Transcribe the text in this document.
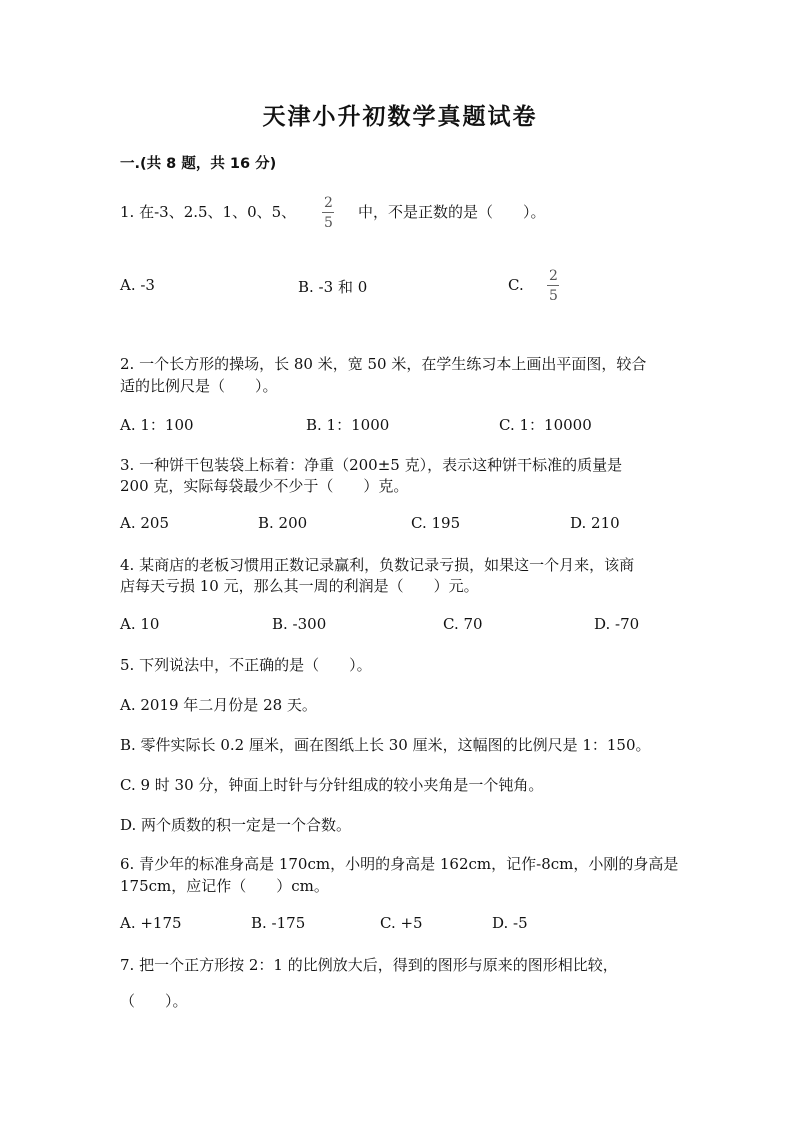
天津小升初数学真题试卷
一.(共 8 题，共 16 分)
1. 在-3、2.5、1、0、5、 2
5
中，不是正数的是（　　）。
A. -3	B. -3 和 0	C. 2
5
2. 一个长方形的操场，长 80 米，宽 50 米，在学生练习本上画出平面图，较合
适的比例尺是（　　）。
A. 1：100	B. 1：1000	C. 1：10000
3. 一种饼干包装袋上标着：净重（200±5 克），表示这种饼干标准的质量是
200 克，实际每袋最少不少于（　　）克。
A. 205	B. 200	C. 195	D. 210
4. 某商店的老板习惯用正数记录赢利，负数记录亏损，如果这一个月来，该商
店每天亏损 10 元，那么其一周的利润是（　　）元。
A. 10	B. -300	C. 70	D. -70
5. 下列说法中，不正确的是（　　）。
A. 2019 年二月份是 28 天。
B. 零件实际长 0.2 厘米，画在图纸上长 30 厘米，这幅图的比例尺是 1：150。
C. 9 时 30 分，钟面上时针与分针组成的较小夹角是一个钝角。
D. 两个质数的积一定是一个合数。
6. 青少年的标准身高是 170cm，小明的身高是 162cm，记作-8cm，小刚的身高是
175cm，应记作（　　）cm。
A. +175	B. -175	C. +5	D. -5
7. 把一个正方形按 2：1 的比例放大后，得到的图形与原来的图形相比较，
（　　）。
